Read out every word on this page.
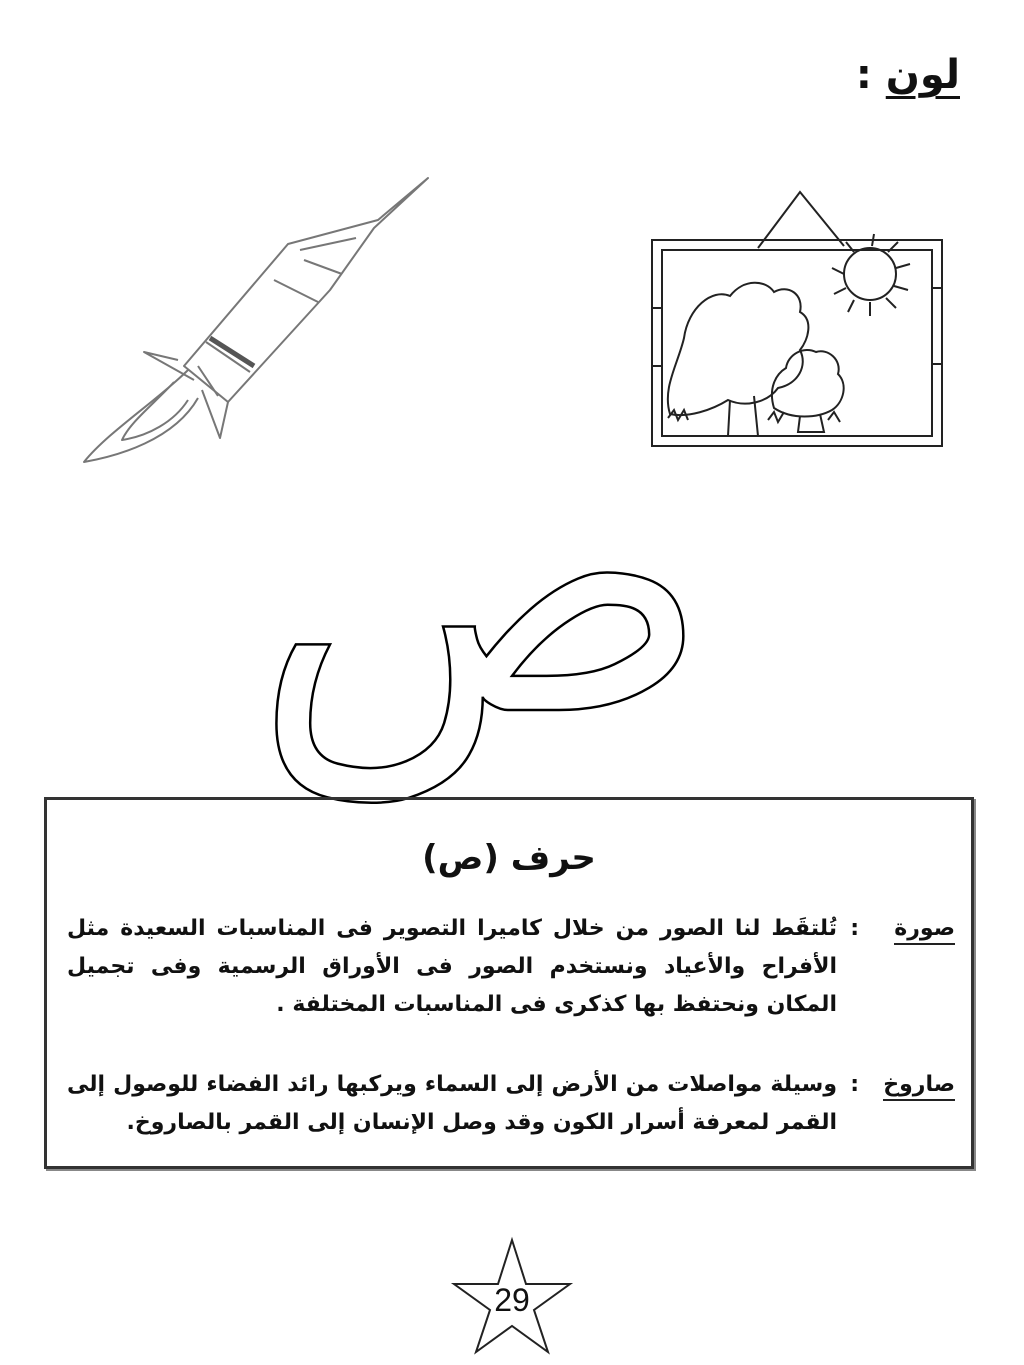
لون :
ص
حرف (ص)
صورة
:
تُلتقَط لنا الصور من خلال كاميرا التصوير فى المناسبات السعيدة مثل الأفراح والأعياد ونستخدم الصور فى الأوراق الرسمية وفى تجميل المكان ونحتفظ بها كذكرى فى المناسبات المختلفة .
صاروخ
:
وسيلة مواصلات من الأرض إلى السماء ويركبها رائد الفضاء للوصول إلى القمر لمعرفة أسرار الكون وقد وصل الإنسان إلى القمر بالصاروخ.
29
